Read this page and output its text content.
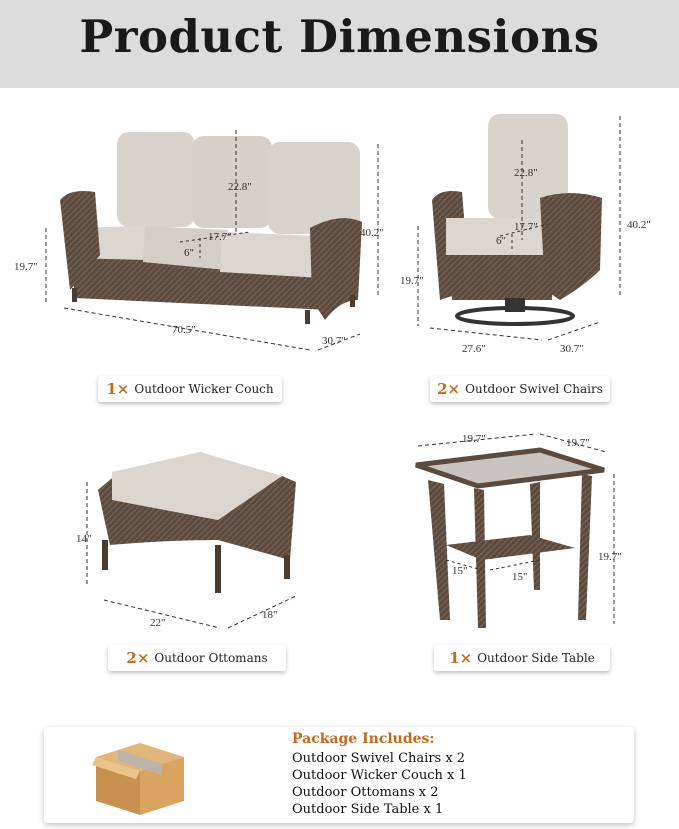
Product Dimensions
22.8"
17.7"
6"
19.7"
40.2"
70.5"
30.7"
22.8"
17.7"
6"
19.7"
40.2"
27.6"	30.7"
14"
22"
18"
19.7"	19.7"
19.7"
15"	15"
1× Outdoor Wicker Couch	2× Outdoor Swivel Chairs
2× Outdoor Ottomans	1× Outdoor Side Table
Package Includes:
Outdoor Swivel Chairs x 2
Outdoor Wicker Couch x 1
Outdoor Ottomans x 2
Outdoor Side Table x 1
